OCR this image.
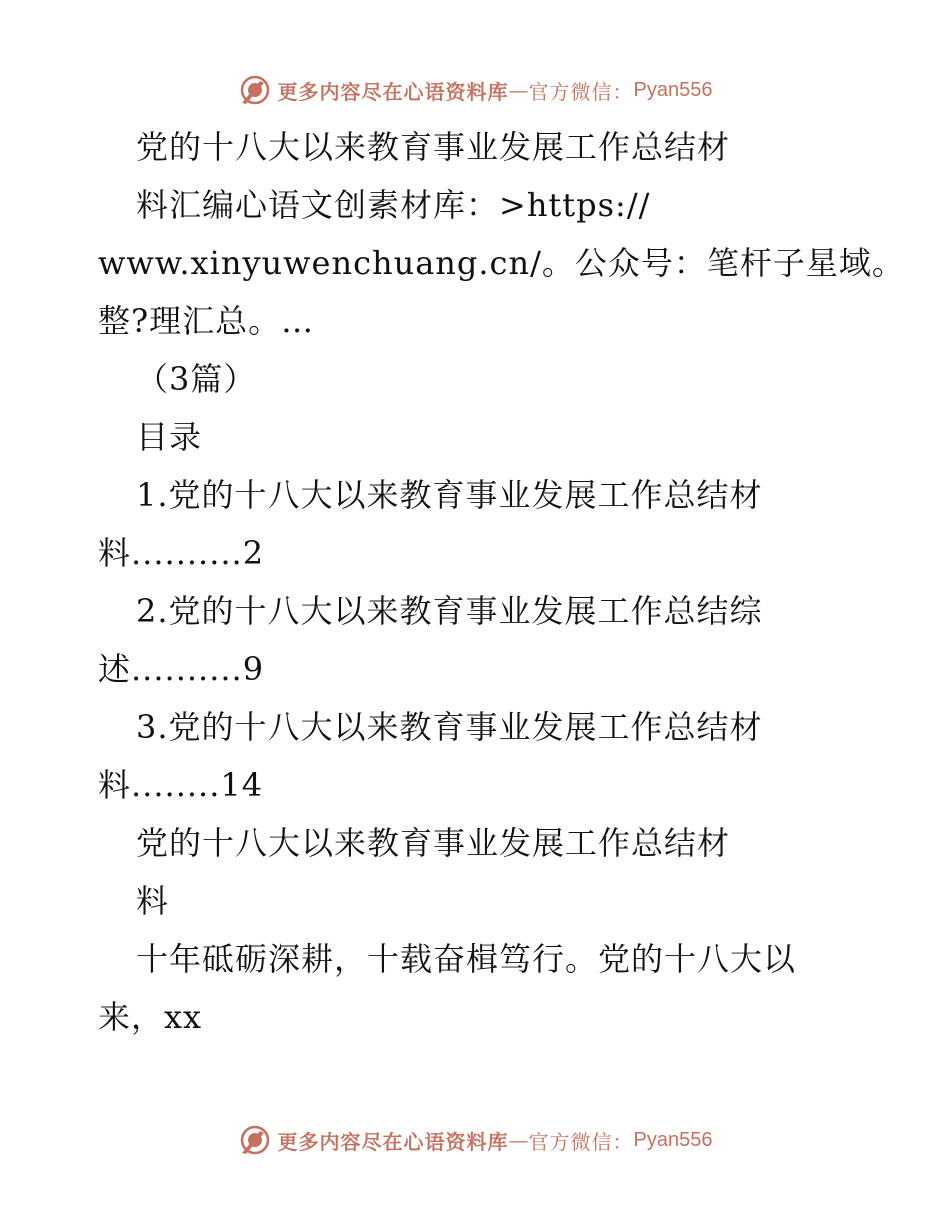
更多内容尽在心语资料库 — 官方微信： Pyan556
党的十八大以来教育事业发展工作总结材
料汇编心语文创素材库：>https://
www.xinyuwenchuang.cn/。公众号：笔杆子星域。
整?理汇总。…
（3篇）
目录
1.党的十八大以来教育事业发展工作总结材
料..........2
2.党的十八大以来教育事业发展工作总结综
述..........9
3.党的十八大以来教育事业发展工作总结材
料........14
党的十八大以来教育事业发展工作总结材
料
十年砥砺深耕，十载奋楫笃行。党的十八大以
来，xx
更多内容尽在心语资料库 — 官方微信： Pyan556
